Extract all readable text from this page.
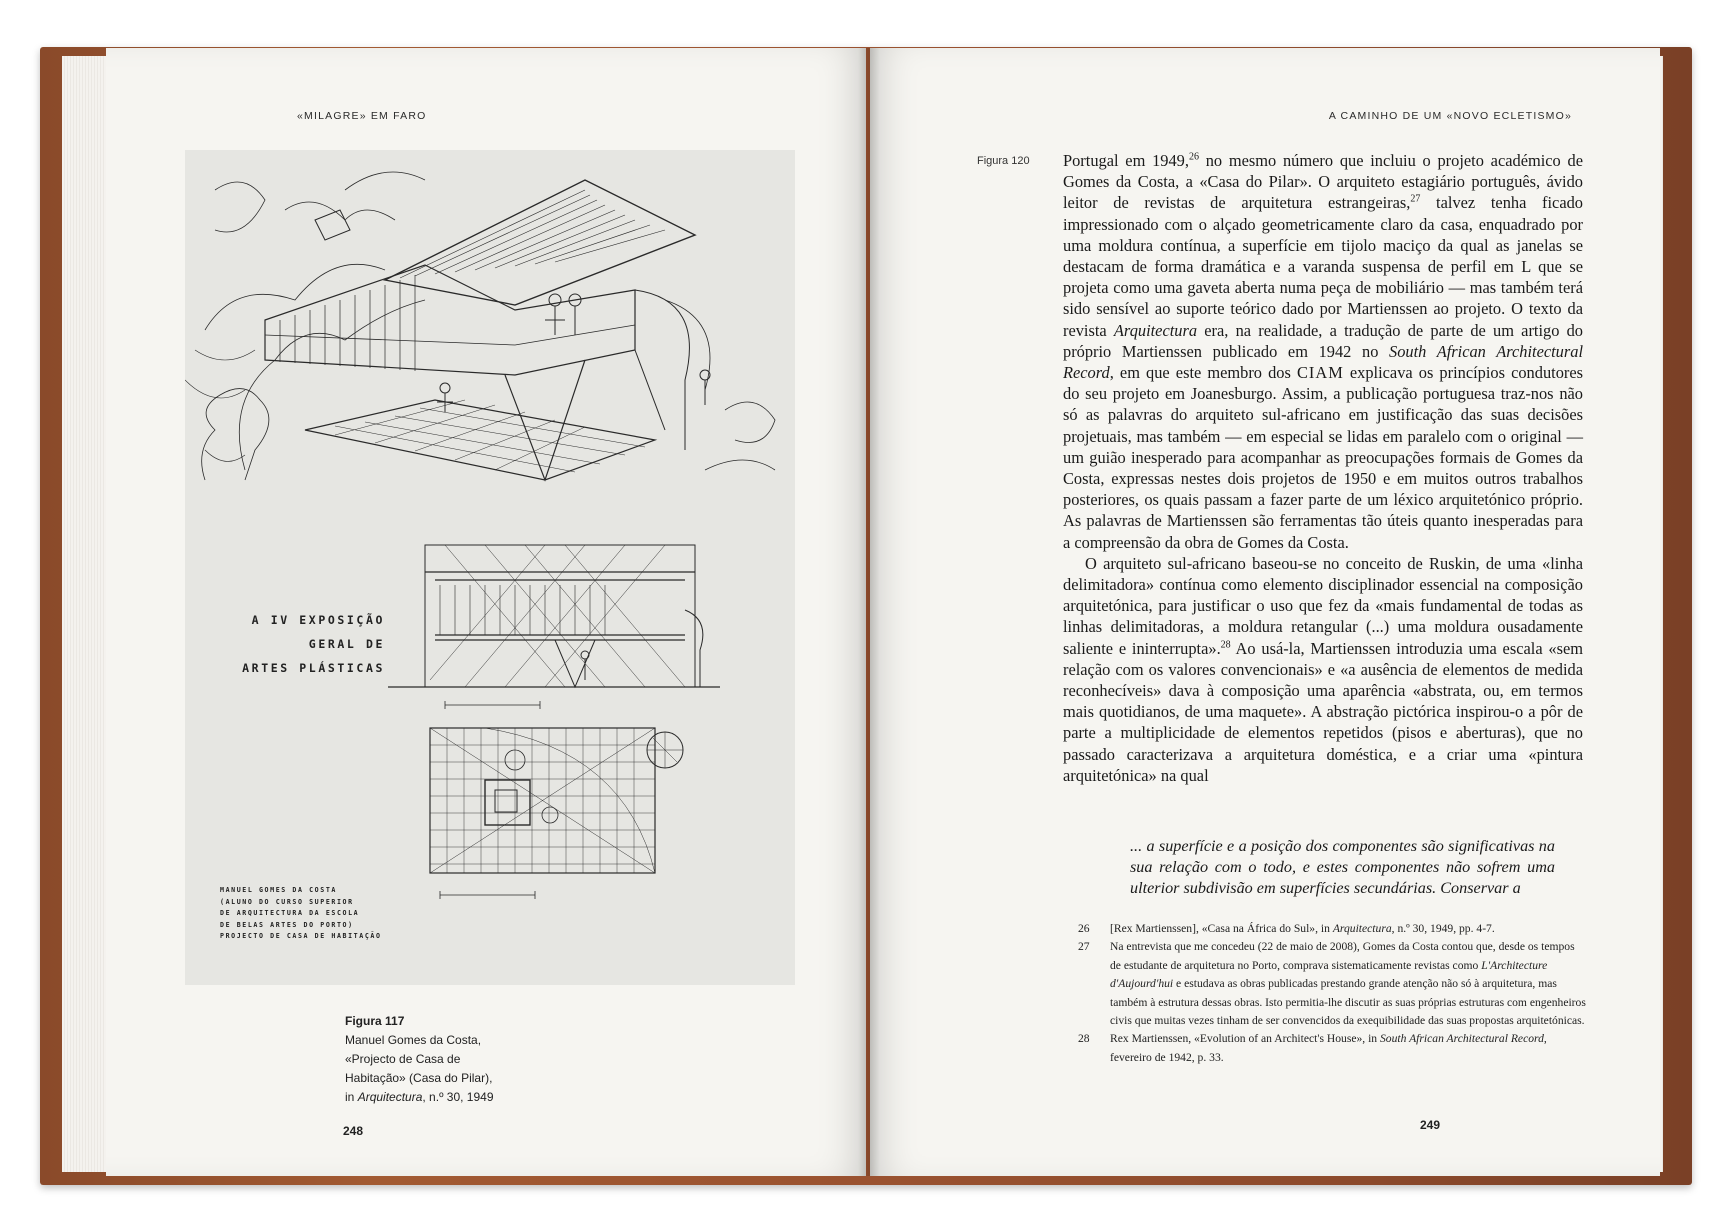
«MILAGRE» EM FARO
A IV EXPOSIÇÃO GERAL DE
ARTES PLÁSTICAS
MANUEL GOMES DA COSTA
(ALUNO DO CURSO SUPERIOR
DE ARQUITECTURA DA ESCOLA
DE BELAS ARTES DO PORTO)
PROJECTO DE CASA DE HABITAÇÃO
Figura 117
Manuel Gomes da Costa,
«Projecto de Casa de
Habitação» (Casa do Pilar),
in Arquitectura, n.º 30, 1949
248
A CAMINHO DE UM «NOVO ECLETISMO»
Figura 120 Portugal em 1949,26 no mesmo número que incluiu o projeto académico de Gomes da Costa, a «Casa do Pilar». O arquiteto estagiário português, ávido leitor de revistas de arquitetura estrangeiras,$^{27}$ talvez tenha ficado impressionado com o alçado geometricamente claro da casa, enquadrado por uma moldura contínua, a superfície em tijolo maciço da qual as janelas se destacam de forma dramática e a varanda suspensa de perfil em L que se projeta como uma gaveta aberta numa peça de mobiliário — mas também terá sido sensível ao suporte teórico dado por Martienssen ao projeto. O texto da revista Arquitectura era, na realidade, a tradução de parte de um artigo do próprio Martienssen publicado em 1942 no South African Architectural Record, em que este membro dos CIAM explicava os princípios condutores do seu projeto em Joanesburgo. Assim, a publicação portuguesa traz-nos não só as palavras do arquiteto sul-africano em justificação das suas decisões projetuais, mas também — em especial se lidas em paralelo com o original — um guião inesperado para acompanhar as preocupações formais de Gomes da Costa, expressas nestes dois projetos de 1950 e em muitos outros trabalhos posteriores, os quais passam a fazer parte de um léxico arquitetónico próprio. As palavras de Martienssen são ferramentas tão úteis quanto inesperadas para a compreensão da obra de Gomes da Costa.

O arquiteto sul-africano baseou-se no conceito de Ruskin, de uma «linha delimitadora» contínua como elemento disciplinador essencial na composição arquitetónica, para justificar o uso que fez da «mais fundamental de todas as linhas delimitadoras, a moldura retangular (...) uma moldura ousadamente saliente e ininterrupta».$^{28}$ Ao usá-la, Martienssen introduzia uma escala «sem relação com os valores convencionais» e «a ausência de elementos de medida reconhecíveis» dava à composição uma aparência «abstrata, ou, em termos mais quotidianos, de uma maquete». A abstração pictórica inspirou-o a pôr de parte a multiplicidade de elementos repetidos (pisos e aberturas), que no passado caracterizava a arquitetura doméstica, e a criar uma «pintura arquitetónica» na qual

... a superfície e a posição dos componentes são significativas na sua relação com o todo, e estes componentes não sofrem uma ulterior subdivisão em superfícies secundárias. Conservar a

26 [Rex Martienssen], «Casa na África do Sul», in Arquitectura, n.º 30, 1949, pp. 4-7.

27 Na entrevista que me concedeu (22 de maio de 2008), Gomes da Costa contou que, desde os tempos de estudante de arquitetura no Porto, comprava sistematicamente revistas como L'Architecture d'Aujourd'hui e estudava as obras publicadas prestando grande atenção não só à arquitetura, mas também à estrutura dessas obras. Isto permitia-lhe discutir as suas próprias estruturas com engenheiros civis que muitas vezes tinham de ser convencidos da exequibilidade das suas propostas arquitetónicas.

28 Rex Martienssen, «Evolution of an Architect's House», in South African Architectural Record, fevereiro de 1942, p. 33.

249
